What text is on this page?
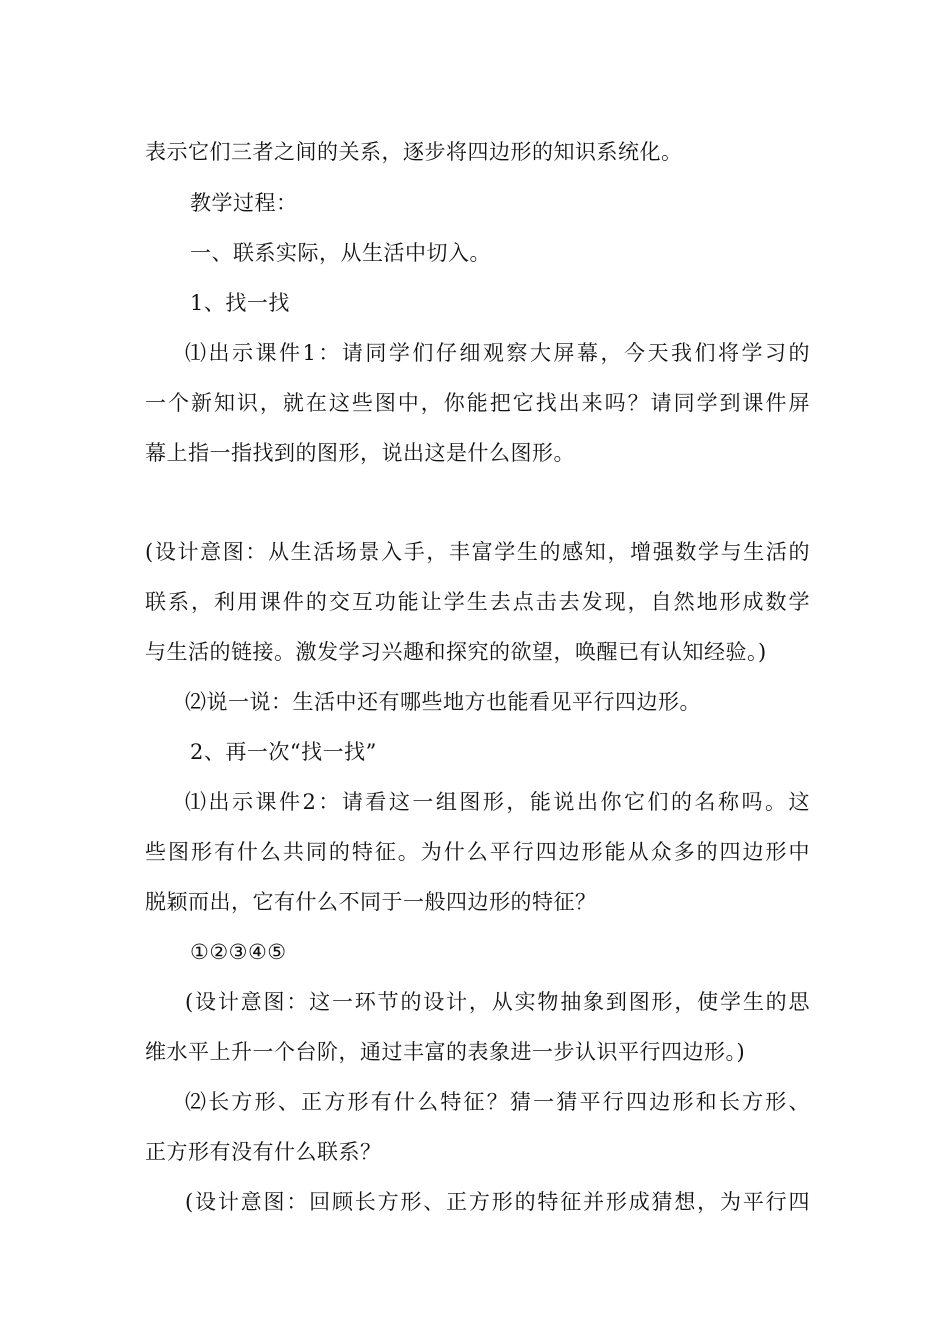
表示它们三者之间的关系，逐步将四边形的知识系统化。
教学过程：
一、联系实际，从生活中切入。
1、找一找
⑴出示课件1：请同学们仔细观察大屏幕，今天我们将学习的
一个新知识，就在这些图中，你能把它找出来吗？请同学到课件屏
幕上指一指找到的图形，说出这是什么图形。
(设计意图：从生活场景入手，丰富学生的感知，增强数学与生活的
联系，利用课件的交互功能让学生去点击去发现，自然地形成数学
与生活的链接。激发学习兴趣和探究的欲望，唤醒已有认知经验。)
⑵说一说：生活中还有哪些地方也能看见平行四边形。
2、再一次“找一找”
⑴出示课件2：请看这一组图形，能说出你它们的名称吗。这
些图形有什么共同的特征。为什么平行四边形能从众多的四边形中
脱颖而出，它有什么不同于一般四边形的特征？
①②③④⑤
(设计意图：这一环节的设计，从实物抽象到图形，使学生的思
维水平上升一个台阶，通过丰富的表象进一步认识平行四边形。)
⑵长方形、正方形有什么特征？猜一猜平行四边形和长方形、
正方形有没有什么联系？
(设计意图：回顾长方形、正方形的特征并形成猜想，为平行四
